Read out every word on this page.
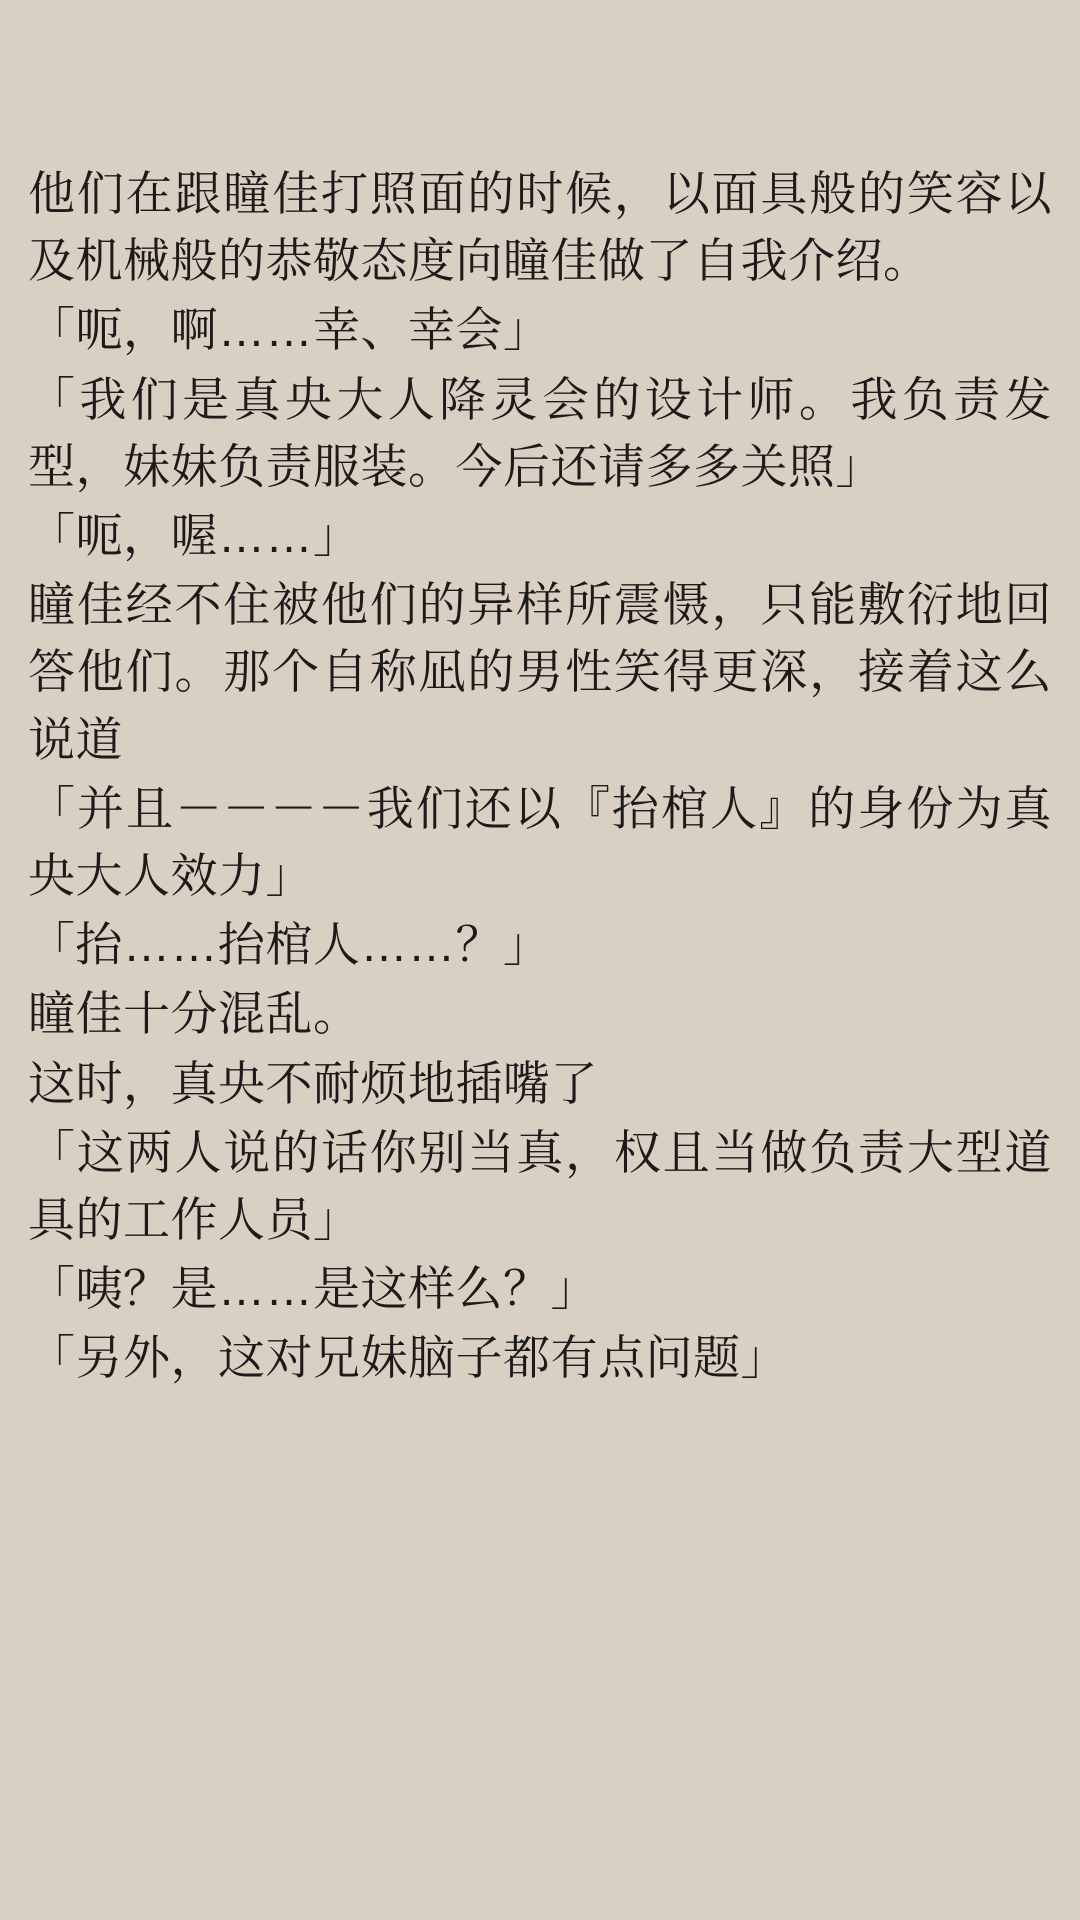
他们在跟瞳佳打照面的时候，以面具般的笑容以及机械般的恭敬态度向瞳佳做了自我介绍。

「呃，啊……幸、幸会」

「我们是真央大人降灵会的设计师。我负责发型，妹妹负责服装。今后还请多多关照」

「呃，喔……」

瞳佳经不住被他们的异样所震慑，只能敷衍地回答他们。那个自称凪的男性笑得更深，接着这么说道

「并且－－－－我们还以『抬棺人』的身份为真央大人效力」

「抬……抬棺人……？」

瞳佳十分混乱。

这时，真央不耐烦地插嘴了

「这两人说的话你别当真，权且当做负责大型道具的工作人员」

「咦？是……是这样么？」

「另外，这对兄妹脑子都有点问题」
